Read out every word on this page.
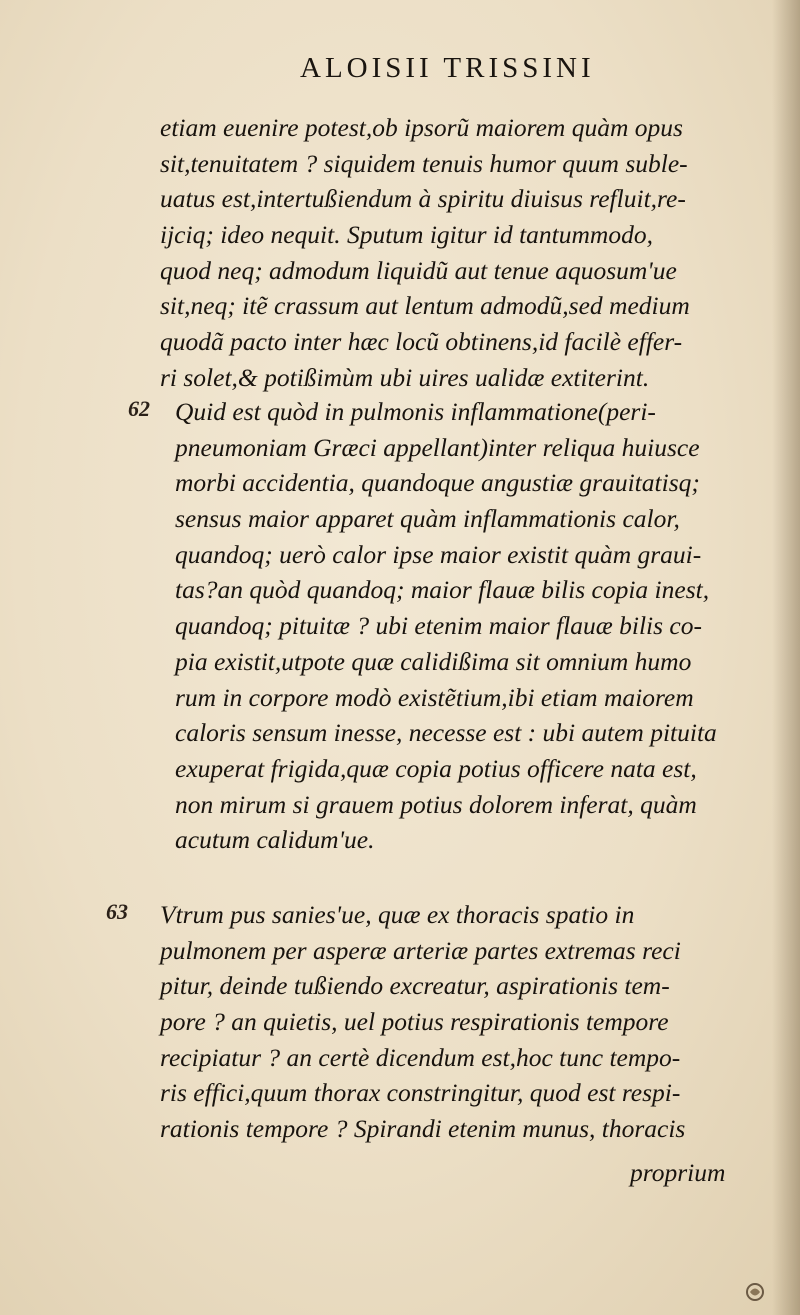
ALOISII TRISSINI
etiam euenire potest,ob ipsorũ maiorem quàm opus
sit,tenuitatem ? siquidem tenuis humor quum suble-
uatus est,intertußiendum à spiritu diuisus refluit,re-
ijciq; ideo nequit. Sputum igitur id tantummodo,
quod neq; admodum liquidũ aut tenue aquosum'ue
sit,neq; itẽ crassum aut lentum admodũ,sed medium
quodã pacto inter hæc locũ obtinens,id facilè effer-
ri solet,& potißimùm ubi uires ualidæ extiterint.
62 Quid est quòd in pulmonis inflammatione(peri-
pneumoniam Græci appellant)inter reliqua huiusce
morbi accidentia, quandoque angustiæ grauitatisq;
sensus maior apparet quàm inflammationis calor,
quandoq; uerò calor ipse maior existit quàm graui-
tas?an quòd quandoq; maior flauæ bilis copia inest,
quandoq; pituitæ ? ubi etenim maior flauæ bilis co-
pia existit,utpote quæ calidißima sit omnium humo
rum in corpore modò existẽtium,ibi etiam maiorem
caloris sensum inesse, necesse est : ubi autem pituita
exuperat frigida,quæ copia potius officere nata est,
non mirum si grauem potius dolorem inferat, quàm
acutum calidum'ue.
63 Vtrum pus sanies'ue, quæ ex thoracis spatio in
pulmonem per asperæ arteriæ partes extremas reci
pitur, deinde tußiendo excreatur, aspirationis tem-
pore ? an quietis, uel potius respirationis tempore
recipiatur ? an certè dicendum est,hoc tunc tempo-
ris effici,quum thorax constringitur, quod est respi-
rationis tempore ? Spirandi etenim munus, thoracis
proprium
